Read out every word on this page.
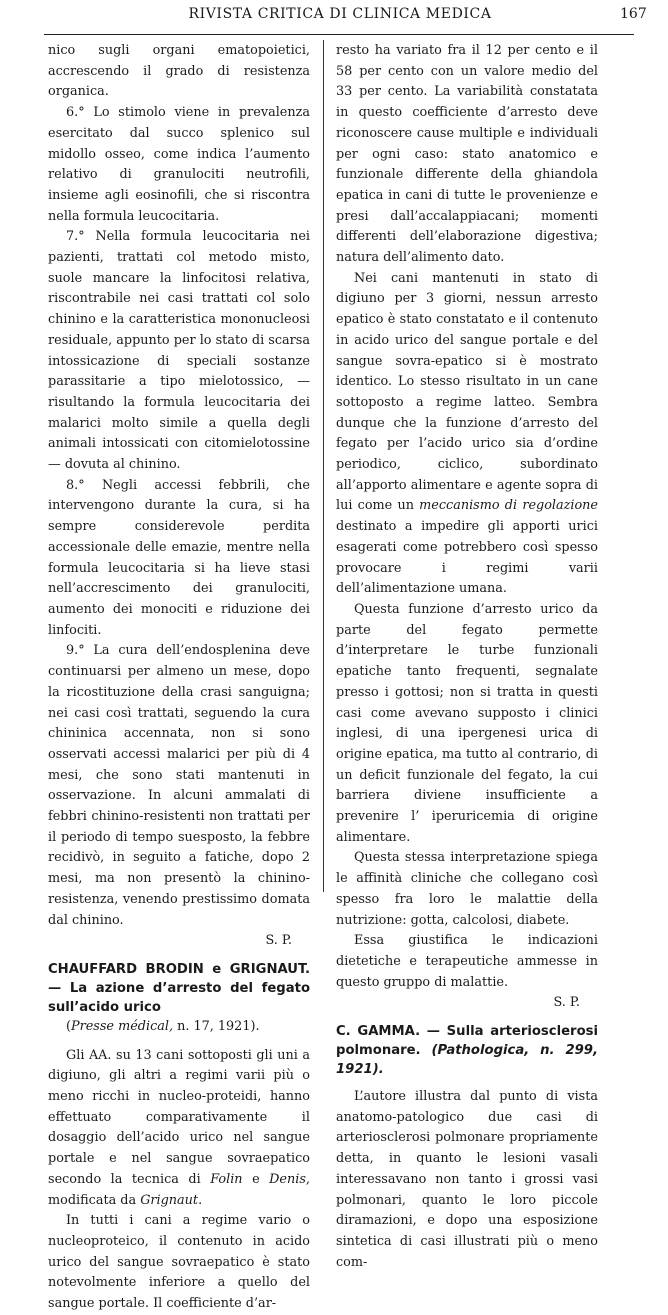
RIVISTA CRITICA DI CLINICA MEDICA	167

nico sugli organi ematopoietici, accrescendo il grado di resistenza organica.

6.° Lo stimolo viene in prevalenza esercitato dal succo splenico sul midollo osseo, come indica l’aumento relativo di granulociti neutrofili, insieme agli eosinofili, che si riscontra nella formula leucocitaria.

7.° Nella formula leucocitaria nei pazienti, trattati col metodo misto, suole mancare la linfocitosi relativa, riscontrabile nei casi trattati col solo chinino e la caratteristica mononucleosi residuale, appunto per lo stato di scarsa intossicazione di speciali sostanze parassitarie a tipo mielotossico, — risultando la formula leucocitaria dei malarici molto simile a quella degli animali intossicati con citomielotossine — dovuta al chinino.

8.° Negli accessi febbrili, che intervengono durante la cura, si ha sempre considerevole perdita accessionale delle emazie, mentre nella formula leucocitaria si ha lieve stasi nell’accrescimento dei granulociti, aumento dei monociti e riduzione dei linfociti.

9.° La cura dell’endosplenina deve continuarsi per almeno un mese, dopo la ricostituzione della crasi sanguigna; nei casi così trattati, seguendo la cura chininica accennata, non si sono osservati accessi malarici per più di 4 mesi, che sono stati mantenuti in osservazione. In alcuni ammalati di febbri chinino-resistenti non trattati per il periodo di tempo suesposto, la febbre recidivò, in seguito a fatiche, dopo 2 mesi, ma non presentò la chinino-resistenza, venendo prestissimo domata dal chinino.

S. P.

CHAUFFARD BRODIN e GRIGNAUT. — La azione d’arresto del fegato sull’acido urico

(Presse médical, n. 17, 1921).

Gli AA. su 13 cani sottoposti gli uni a digiuno, gli altri a regimi varii più o meno ricchi in nucleo-proteidi, hanno effettuato comparativamente il dosaggio dell’acido urico nel sangue portale e nel sangue sovraepatico secondo la tecnica di Folin e Denis, modificata da Grignaut.

In tutti i cani a regime vario o nucleoproteico, il contenuto in acido urico del sangue sovraepatico è stato notevolmente inferiore a quello del sangue portale. Il coefficiente d’ar-

resto ha variato fra il 12 per cento e il 58 per cento con un valore medio del 33 per cento. La variabilità constatata in questo coefficiente d’arresto deve riconoscere cause multiple e individuali per ogni caso: stato anatomico e funzionale differente della ghiandola epatica in cani di tutte le provenienze e presi dall’accalappiacani; momenti differenti dell’elaborazione digestiva; natura dell’alimento dato.

Nei cani mantenuti in stato di digiuno per 3 giorni, nessun arresto epatico è stato constatato e il contenuto in acido urico del sangue portale e del sangue sovra-epatico si è mostrato identico. Lo stesso risultato in un cane sottoposto a regime latteo. Sembra dunque che la funzione d’arresto del fegato per l’acido urico sia d’ordine periodico, ciclico, subordinato all’apporto alimentare e agente sopra di lui come un meccanismo di regolazione destinato a impedire gli apporti urici esagerati come potrebbero così spesso provocare i regimi varii dell’alimentazione umana.

Questa funzione d’arresto urico da parte del fegato permette d’interpretare le turbe funzionali epatiche tanto frequenti, segnalate presso i gottosi; non si tratta in questi casi come avevano supposto i clinici inglesi, di una ipergenesi urica di origine epatica, ma tutto al contrario, di un deficit funzionale del fegato, la cui barriera diviene insufficiente a prevenire l’ iperuricemia di origine alimentare.

Questa stessa interpretazione spiega le affinità cliniche che collegano così spesso fra loro le malattie della nutrizione: gotta, calcolosi, diabete.

Essa giustifica le indicazioni dietetiche e terapeutiche ammesse in questo gruppo di malattie.

S. P.

C. GAMMA. — Sulla arteriosclerosi polmonare. (Pathologica, n. 299, 1921).

L’autore illustra dal punto di vista anatomo-patologico due casi di arteriosclerosi polmonare propriamente detta, in quanto le lesioni vasali interessavano non tanto i grossi vasi polmonari, quanto le loro piccole diramazioni, e dopo una esposizione sintetica di casi illustrati più o meno com-
